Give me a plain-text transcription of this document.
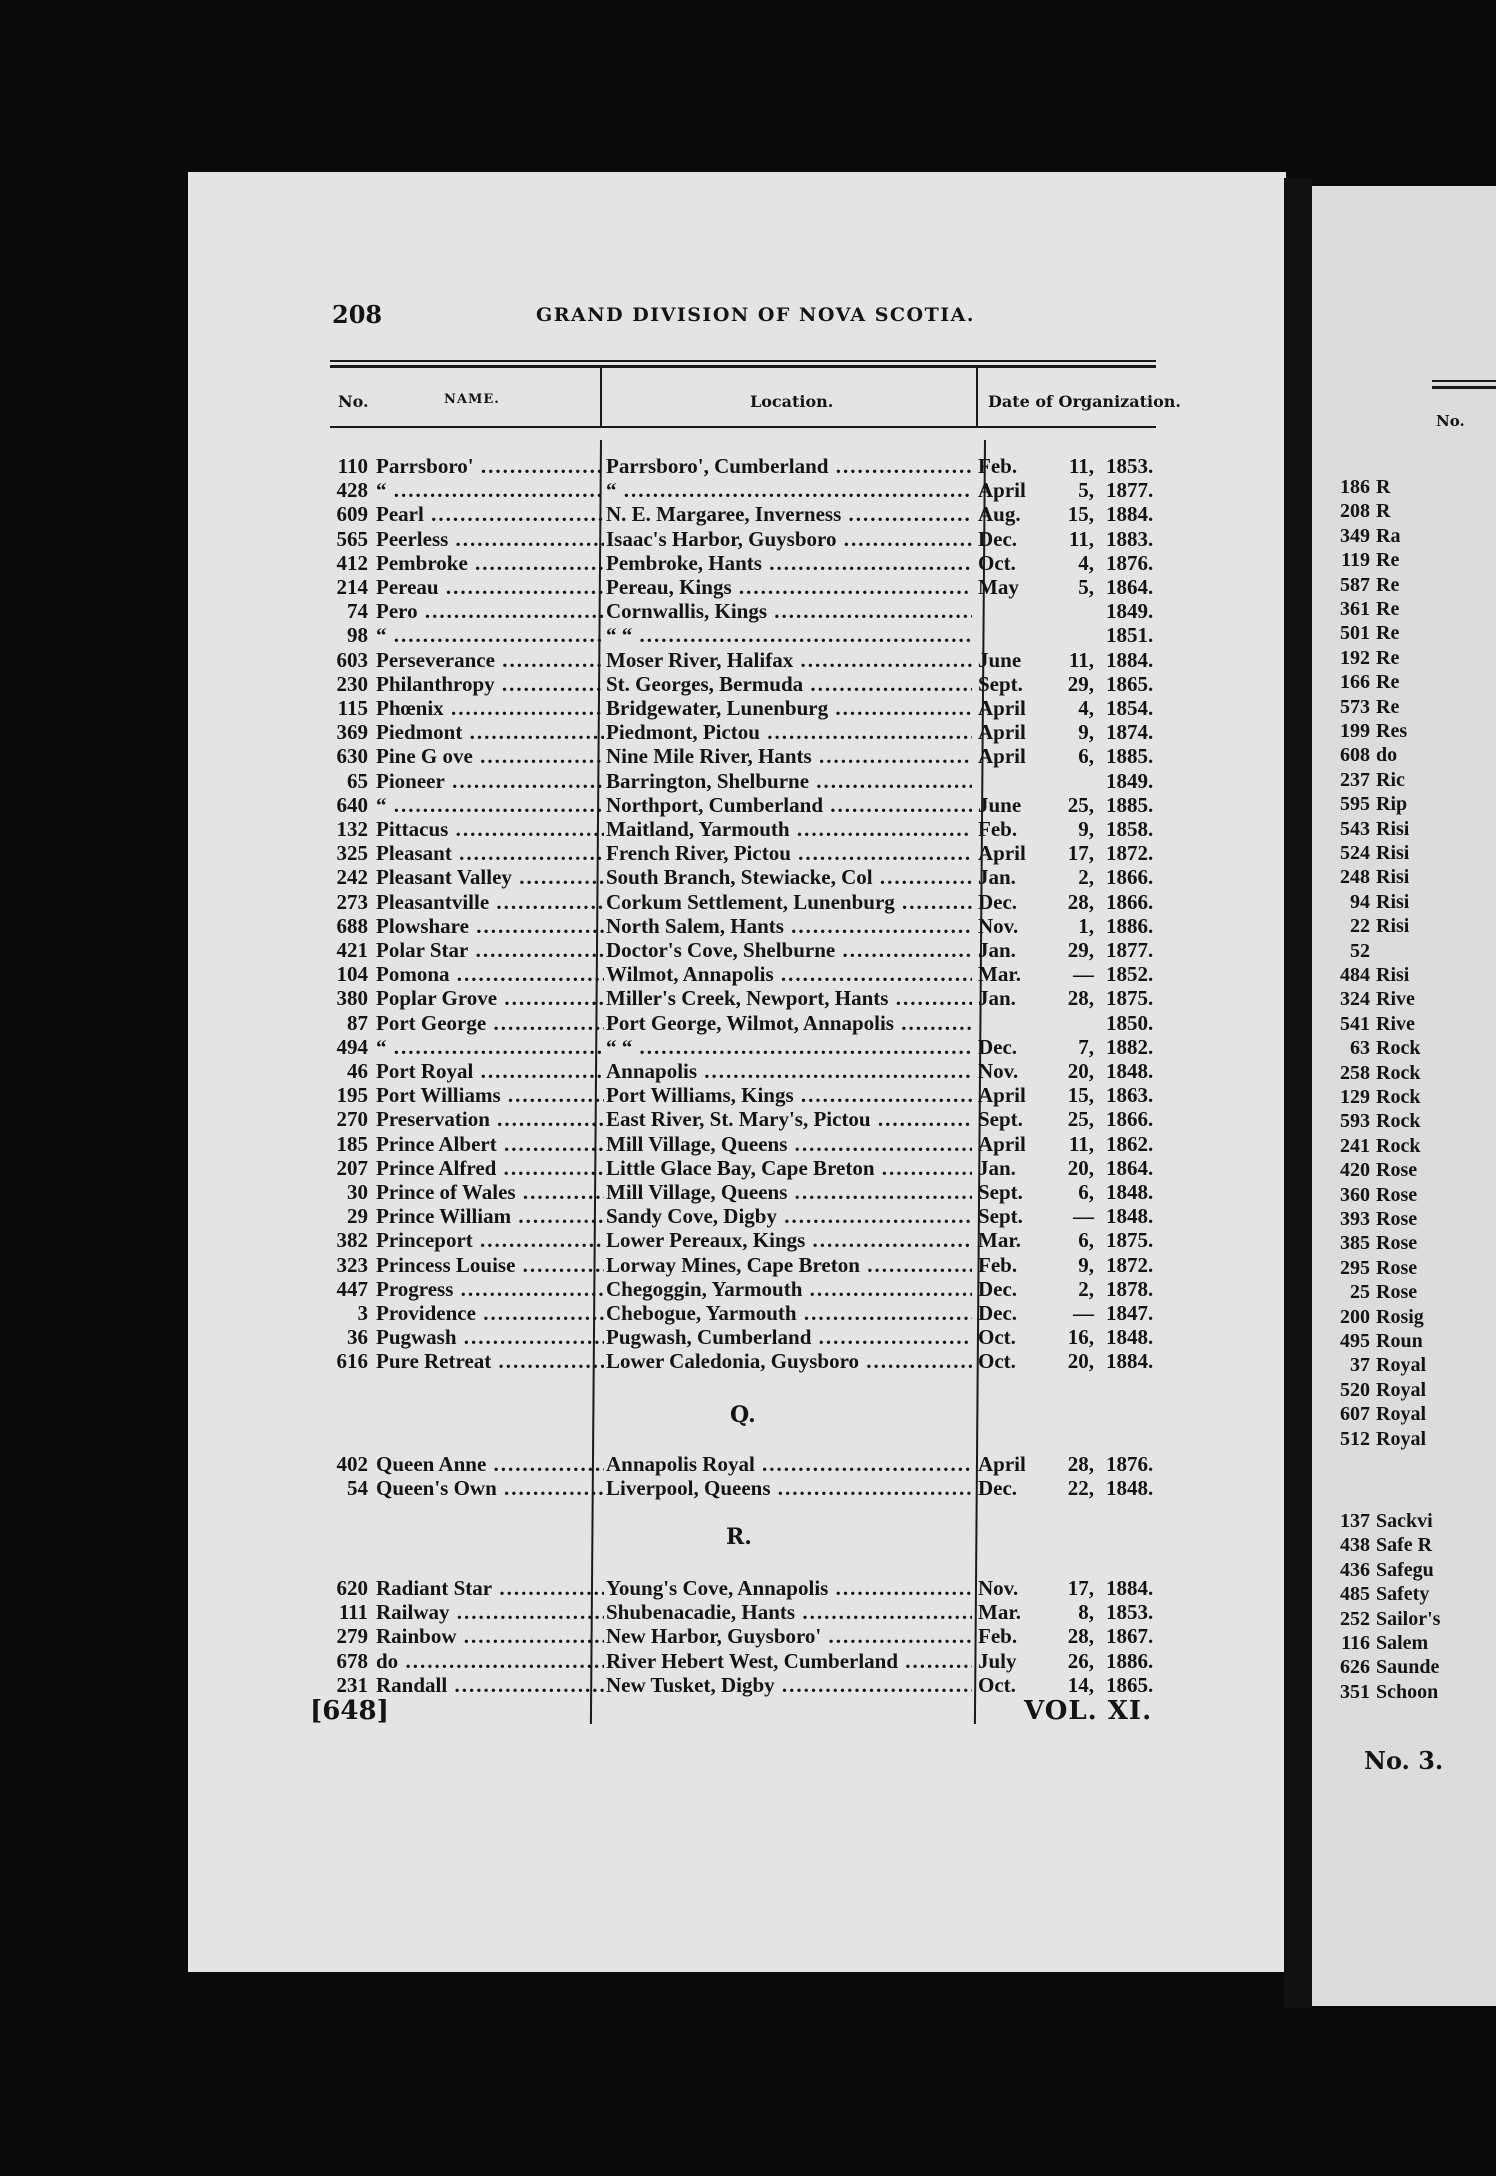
208	GRAND DIVISION OF NOVA SCOTIA.
No.	NAME.	Location.	Date of Organization.
110 Parrsboro' .....	Parrsboro', Cumberland .....	Feb.	11, 1853.
428 “ .....	“ .....	April	5, 1877.
609 Pearl .....	N. E. Margaree, Inverness .....	Aug.	15, 1884.
565 Peerless .....	Isaac's Harbor, Guysboro .....	Dec.	11, 1883.
412 Pembroke .....	Pembroke, Hants .....	Oct.	4, 1876.
214 Pereau .....	Pereau, Kings .....	May	5, 1864.
74 Pero .....	Cornwallis, Kings .....	1849.
98 “ .....	“ “ .....	1851.
603 Perseverance .....	Moser River, Halifax .....	June	11, 1884.
230 Philanthropy .....	St. Georges, Bermuda .....	Sept.	29, 1865.
115 Phœnix .....	Bridgewater, Lunenburg .....	April	4, 1854.
369 Piedmont .....	Piedmont, Pictou .....	April	9, 1874.
630 Pine G ove .....	Nine Mile River, Hants .....	April	6, 1885.
65 Pioneer .....	Barrington, Shelburne .....	1849.
640 “ .....	Northport, Cumberland .....	June	25, 1885.
132 Pittacus .....	Maitland, Yarmouth .....	Feb.	9, 1858.
325 Pleasant .....	French River, Pictou .....	April	17, 1872.
242 Pleasant Valley .....	South Branch, Stewiacke, Col .....	Jan.	2, 1866.
273 Pleasantville .....	Corkum Settlement, Lunenburg .....	Dec.	28, 1866.
688 Plowshare .....	North Salem, Hants .....	Nov.	1, 1886.
421 Polar Star .....	Doctor's Cove, Shelburne .....	Jan.	29, 1877.
104 Pomona .....	Wilmot, Annapolis .....	Mar.	— 1852.
380 Poplar Grove .....	Miller's Creek, Newport, Hants .....	Jan.	28, 1875.
87 Port George .....	Port George, Wilmot, Annapolis .....	1850.
494 “ .....	“ “ .....	Dec.	7, 1882.
46 Port Royal .....	Annapolis .....	Nov.	20, 1848.
195 Port Williams .....	Port Williams, Kings .....	April	15, 1863.
270 Preservation .....	East River, St. Mary's, Pictou .....	Sept.	25, 1866.
185 Prince Albert .....	Mill Village, Queens .....	April	11, 1862.
207 Prince Alfred .....	Little Glace Bay, Cape Breton .....	Jan.	20, 1864.
30 Prince of Wales .....	Mill Village, Queens .....	Sept.	6, 1848.
29 Prince William .....	Sandy Cove, Digby .....	Sept.	— 1848.
382 Princeport .....	Lower Pereaux, Kings .....	Mar.	6, 1875.
323 Princess Louise .....	Lorway Mines, Cape Breton .....	Feb.	9, 1872.
447 Progress .....	Chegoggin, Yarmouth .....	Dec.	2, 1878.
3 Providence .....	Chebogue, Yarmouth .....	Dec.	— 1847.
36 Pugwash .....	Pugwash, Cumberland .....	Oct.	16, 1848.
616 Pure Retreat .....	Lower Caledonia, Guysboro .....	Oct.	20, 1884.
Q.
402 Queen Anne .....	Annapolis Royal .....	April	28, 1876.
54 Queen's Own .....	Liverpool, Queens .....	Dec.	22, 1848.
R.
620 Radiant Star .....	Young's Cove, Annapolis .....	Nov.	17, 1884.
111 Railway .....	Shubenacadie, Hants .....	Mar.	8, 1853.
279 Rainbow .....	New Harbor, Guysboro' .....	Feb.	28, 1867.
678 do .....	River Hebert West, Cumberland .....	July	26, 1886.
231 Randall .....	New Tusket, Digby .....	Oct.	14, 1865.
[648]	VOL. XI.
No.
186 R
208 R
349 Ra
119 Re
587 Re
361 Re
501 Re
192 Re
166 Re
573 Re
199 Res
608 do
237 Ric
595 Rip
543 Risi
524 Risi
248 Risi
94 Risi
22 Risi
52
484 Risi
324 Rive
541 Rive
63 Rock
258 Rock
129 Rock
593 Rock
241 Rock
420 Rose
360 Rose
393 Rose
385 Rose
295 Rose
25 Rose
200 Rosig
495 Roun
37 Royal
520 Royal
607 Royal
512 Royal
137 Sackvi
438 Safe R
436 Safegu
485 Safety
252 Sailor's
116 Salem
626 Saunde
351 Schoon
No. 3.
